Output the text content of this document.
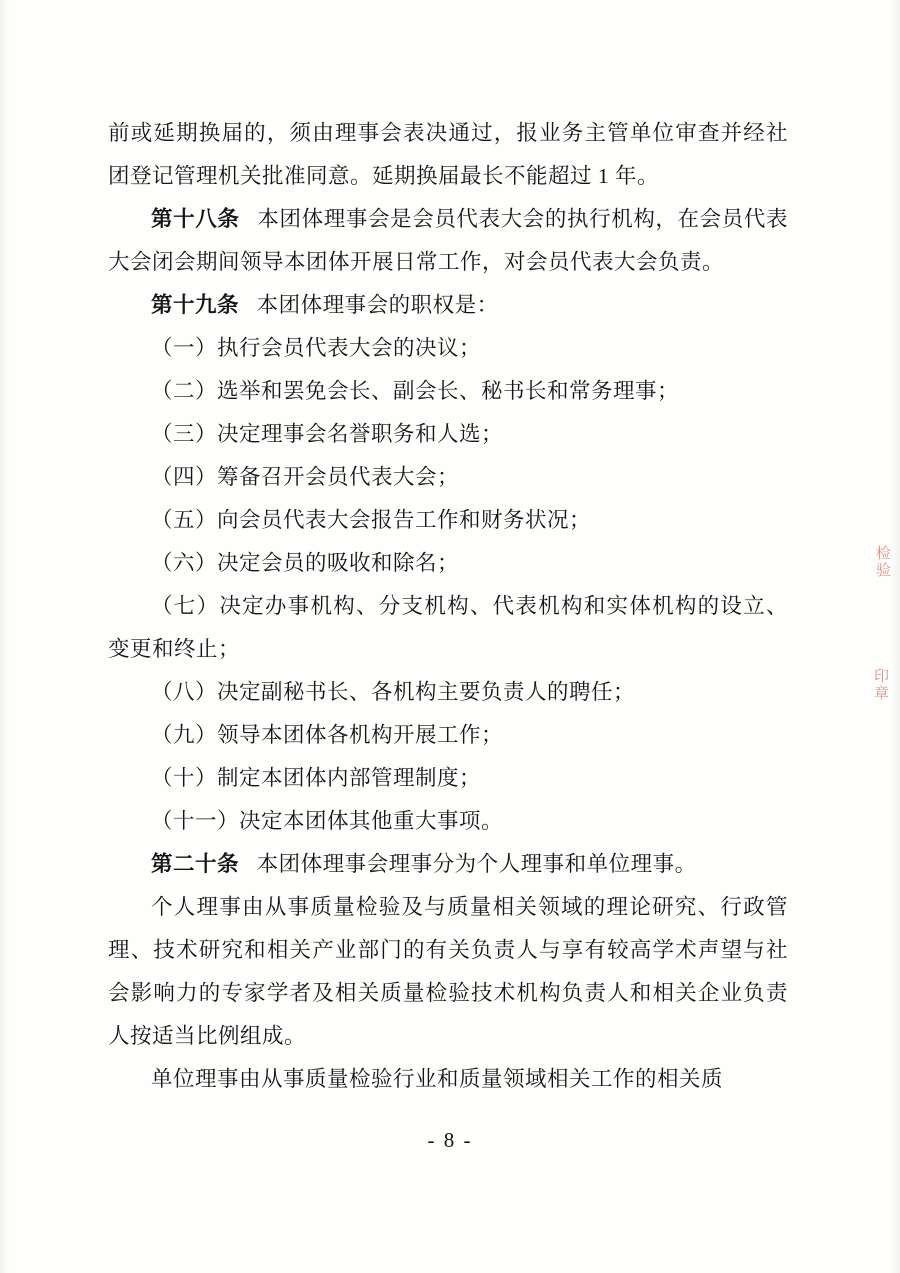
前或延期换届的，须由理事会表决通过，报业务主管单位审查并经社团登记管理机关批准同意。延期换届最长不能超过 1 年。

第十八条 本团体理事会是会员代表大会的执行机构，在会员代表大会闭会期间领导本团体开展日常工作，对会员代表大会负责。

第十九条 本团体理事会的职权是：

（一）执行会员代表大会的决议；

（二）选举和罢免会长、副会长、秘书长和常务理事；

（三）决定理事会名誉职务和人选；

（四）筹备召开会员代表大会；

（五）向会员代表大会报告工作和财务状况；

（六）决定会员的吸收和除名；

（七）决定办事机构、分支机构、代表机构和实体机构的设立、变更和终止；

（八）决定副秘书长、各机构主要负责人的聘任；

（九）领导本团体各机构开展工作；

（十）制定本团体内部管理制度；

（十一）决定本团体其他重大事项。

第二十条 本团体理事会理事分为个人理事和单位理事。

个人理事由从事质量检验及与质量相关领域的理论研究、行政管理、技术研究和相关产业部门的有关负责人与享有较高学术声望与社会影响力的专家学者及相关质量检验技术机构负责人和相关企业负责人按适当比例组成。

单位理事由从事质量检验行业和质量领域相关工作的相关质

- 8 -
检验
印章
